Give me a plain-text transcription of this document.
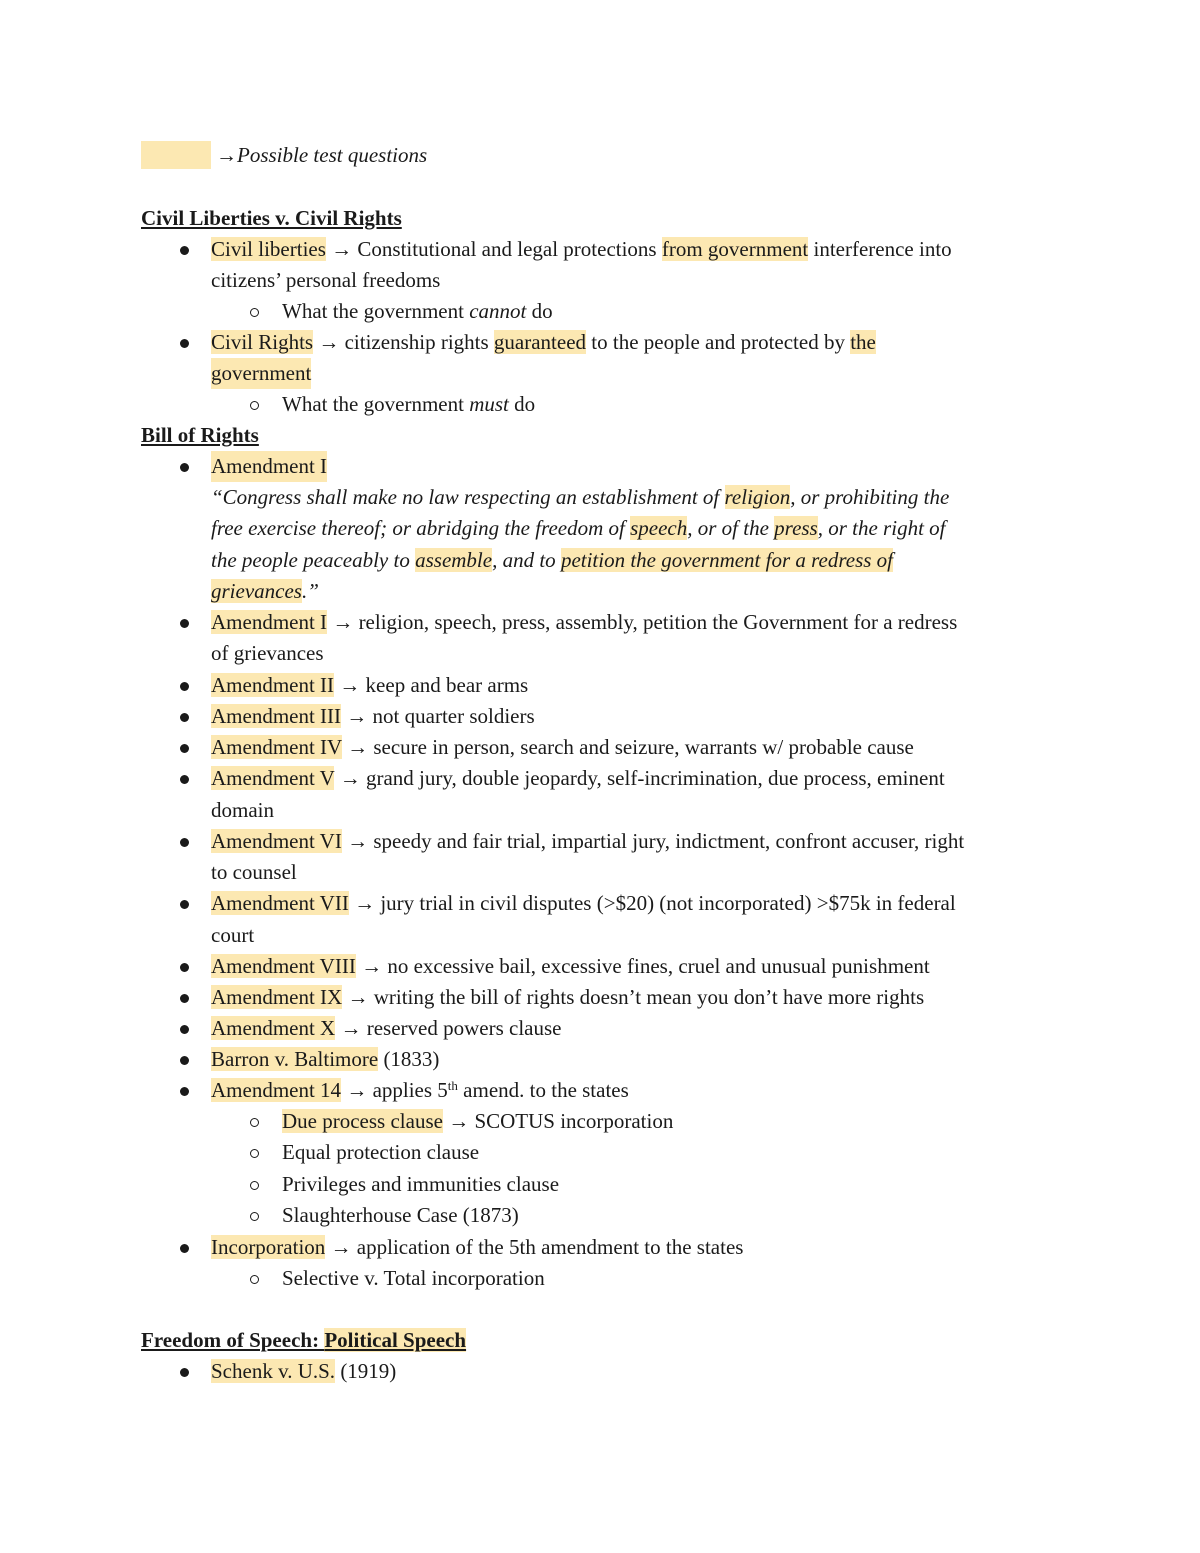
→Possible test questions
Civil Liberties v. Civil Rights
Civil liberties → Constitutional and legal protections from government interference into
citizens’ personal freedoms
What the government cannot do
Civil Rights → citizenship rights guaranteed to the people and protected by the
government
What the government must do
Bill of Rights
Amendment I
“Congress shall make no law respecting an establishment of religion, or prohibiting the
free exercise thereof; or abridging the freedom of speech, or of the press, or the right of
the people peaceably to assemble, and to petition the government for a redress of
grievances.”
Amendment I → religion, speech, press, assembly, petition the Government for a redress
of grievances
Amendment II → keep and bear arms
Amendment III → not quarter soldiers
Amendment IV → secure in person, search and seizure, warrants w/ probable cause
Amendment V → grand jury, double jeopardy, self-incrimination, due process, eminent
domain
Amendment VI → speedy and fair trial, impartial jury, indictment, confront accuser, right
to counsel
Amendment VII → jury trial in civil disputes (>$20) (not incorporated) >$75k in federal
court
Amendment VIII → no excessive bail, excessive fines, cruel and unusual punishment
Amendment IX → writing the bill of rights doesn’t mean you don’t have more rights
Amendment X → reserved powers clause
Barron v. Baltimore (1833)
Amendment 14 → applies 5th amend. to the states
Due process clause → SCOTUS incorporation
Equal protection clause
Privileges and immunities clause
Slaughterhouse Case (1873)
Incorporation → application of the 5th amendment to the states
Selective v. Total incorporation
Freedom of Speech: Political Speech
Schenk v. U.S. (1919)
